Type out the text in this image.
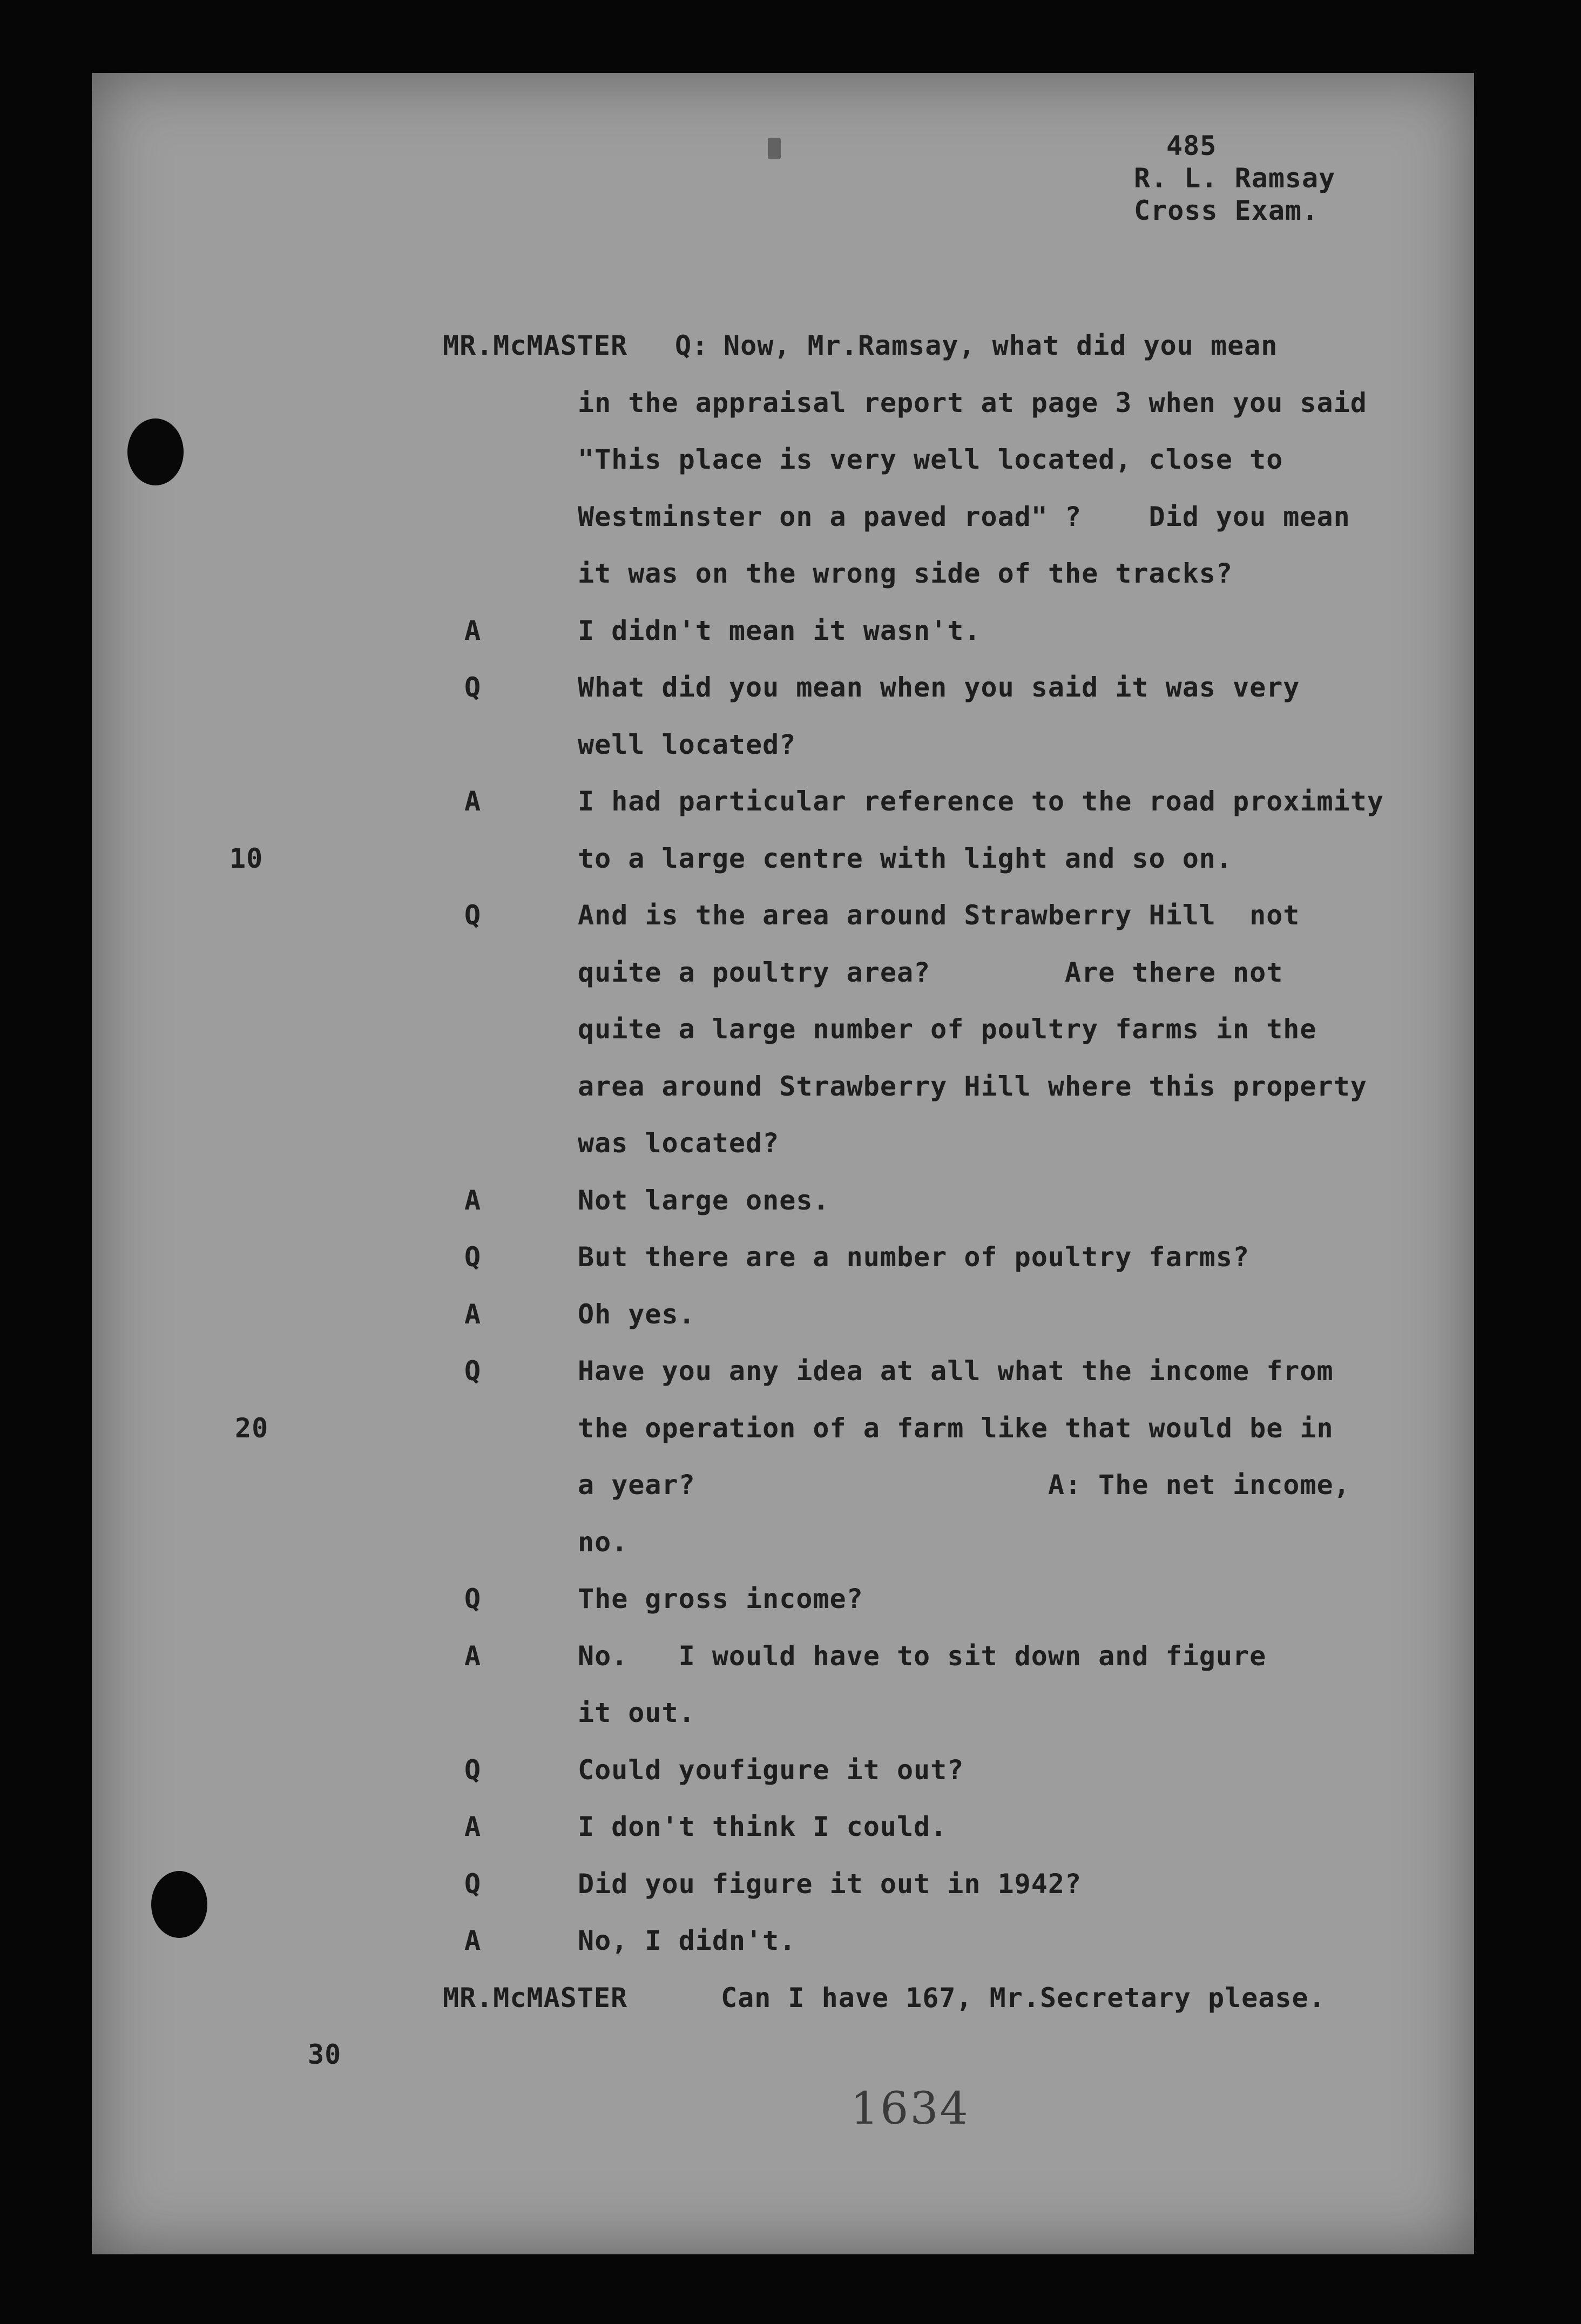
485
R. L. Ramsay
Cross Exam.
MR.McMASTER Q: Now, Mr.Ramsay, what did you mean
in the appraisal report at page 3 when you said
"This place is very well located, close to
Westminster on a paved road" ?    Did you mean
it was on the wrong side of the tracks?
A	I didn't mean it wasn't.
Q	What did you mean when you said it was very
well located?
A	I had particular reference to the road proximity
10	to a large centre with light and so on.
Q	And is the area around Strawberry Hill  not
quite a poultry area?        Are there not
quite a large number of poultry farms in the
area around Strawberry Hill where this property
was located?
A	Not large ones.
Q	But there are a number of poultry farms?
A	Oh yes.
Q	Have you any idea at all what the income from
20	the operation of a farm like that would be in
a year?                     A: The net income,
no.
Q	The gross income?
A	No.   I would have to sit down and figure
it out.
Q	Could youfigure it out?
A	I don't think I could.
Q	Did you figure it out in 1942?
A	No, I didn't.
MR.McMASTER	Can I have 167, Mr.Secretary please.
30
1634
